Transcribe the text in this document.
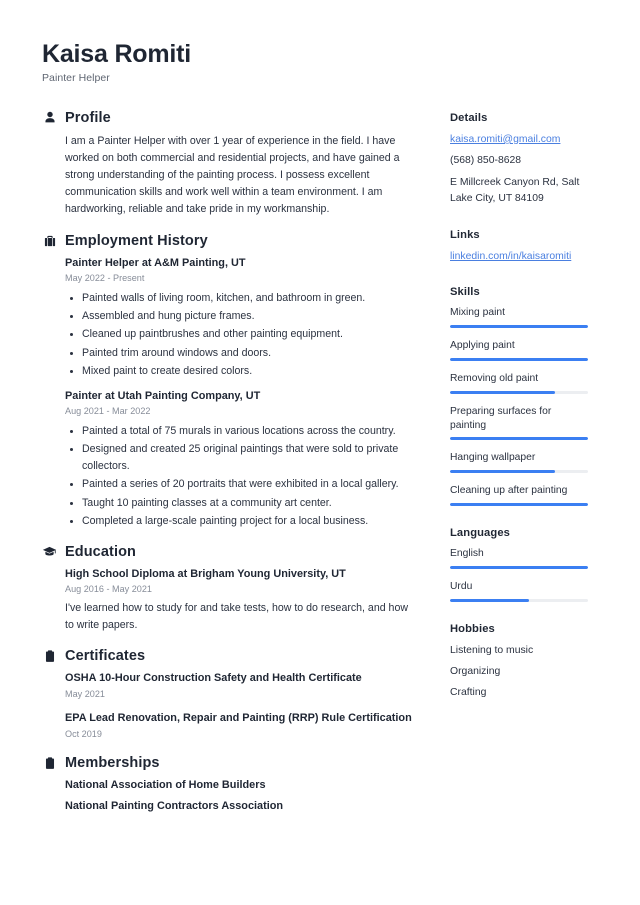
Kaisa Romiti

Painter Helper

Profile

I am a Painter Helper with over 1 year of experience in the field. I have worked on both commercial and residential projects, and have gained a strong understanding of the painting process. I possess excellent communication skills and work well within a team environment. I am hardworking, reliable and take pride in my workmanship.

Employment History
Painter Helper at A&M Painting, UT
May 2022 - Present
Painted walls of living room, kitchen, and bathroom in green.
Assembled and hung picture frames.
Cleaned up paintbrushes and other painting equipment.
Painted trim around windows and doors.
Mixed paint to create desired colors.
Painter at Utah Painting Company, UT
Aug 2021 - Mar 2022
Painted a total of 75 murals in various locations across the country.
Designed and created 25 original paintings that were sold to private collectors.
Painted a series of 20 portraits that were exhibited in a local gallery.
Taught 10 painting classes at a community art center.
Completed a large-scale painting project for a local business.
Education
High School Diploma at Brigham Young University, UT
Aug 2016 - May 2021
I've learned how to study for and take tests, how to do research, and how to write papers.
Certificates
OSHA 10-Hour Construction Safety and Health Certificate
May 2021
EPA Lead Renovation, Repair and Painting (RRP) Rule Certification
Oct 2019
Memberships
National Association of Home Builders
National Painting Contractors Association
Details
kaisa.romiti@gmail.com
(568) 850-8628
E Millcreek Canyon Rd, Salt Lake City, UT 84109
Links
linkedin.com/in/kaisaromiti
Skills
Mixing paint
Applying paint
Removing old paint
Preparing surfaces for painting
Hanging wallpaper
Cleaning up after painting
Languages
English
Urdu
Hobbies
Listening to music
Organizing
Crafting
